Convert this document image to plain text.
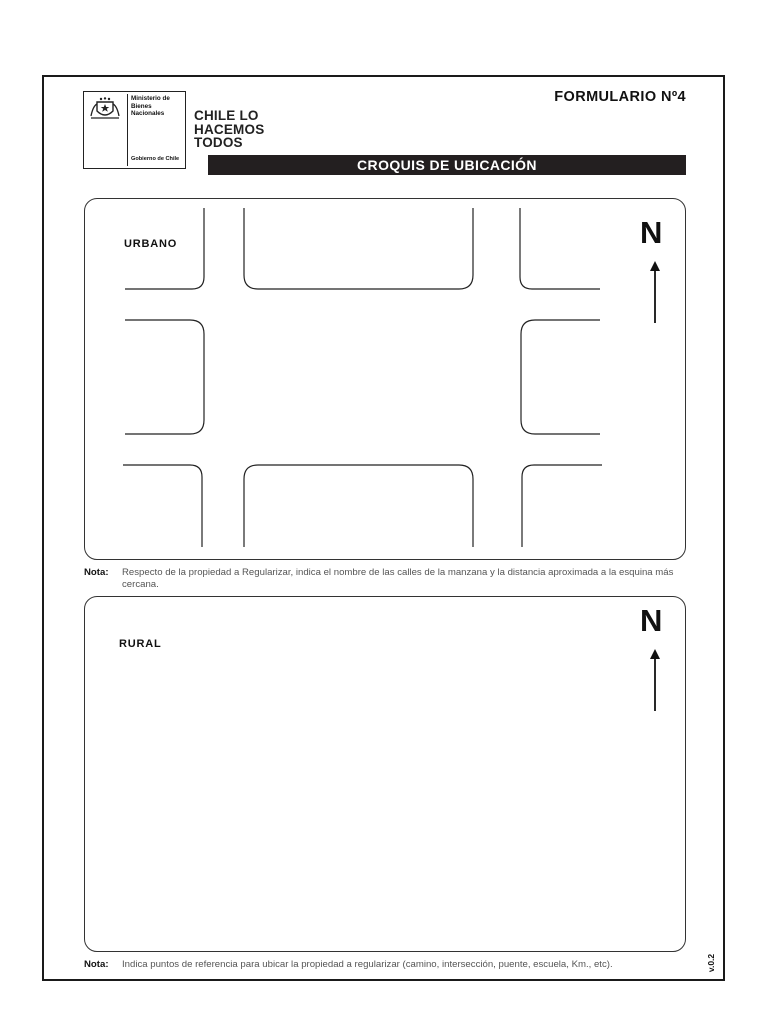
Ministerio de
Bienes
Nacionales
Gobierno de Chile
CHILE LO
HACEMOS
TODOS
FORMULARIO Nº4
CROQUIS DE UBICACIÓN
URBANO	N
Nota: Respecto de la propiedad a Regularizar, indica el nombre de las calles de la manzana y la distancia aproximada a la esquina más cercana.
RURAL
N
Nota: Indica puntos de referencia para ubicar la propiedad a regularizar (camino, intersección, puente, escuela, Km., etc).	v.0.2
